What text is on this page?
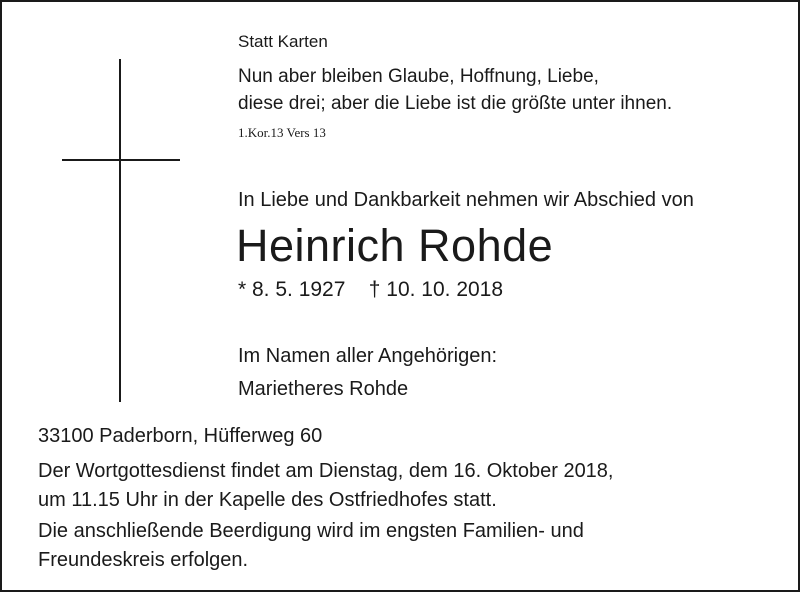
Statt Karten
Nun aber bleiben Glaube, Hoffnung, Liebe,
diese drei; aber die Liebe ist die größte unter ihnen.
1.Kor.13 Vers 13
In Liebe und Dankbarkeit nehmen wir Abschied von
Heinrich Rohde
* 8. 5. 1927    † 10. 10. 2018
Im Namen aller Angehörigen:
Marietheres Rohde
33100 Paderborn, Hüfferweg 60
Der Wortgottesdienst findet am Dienstag, dem 16. Oktober 2018,
um 11.15 Uhr in der Kapelle des Ostfriedhofes statt.
Die anschließende Beerdigung wird im engsten Familien- und
Freundeskreis erfolgen.
